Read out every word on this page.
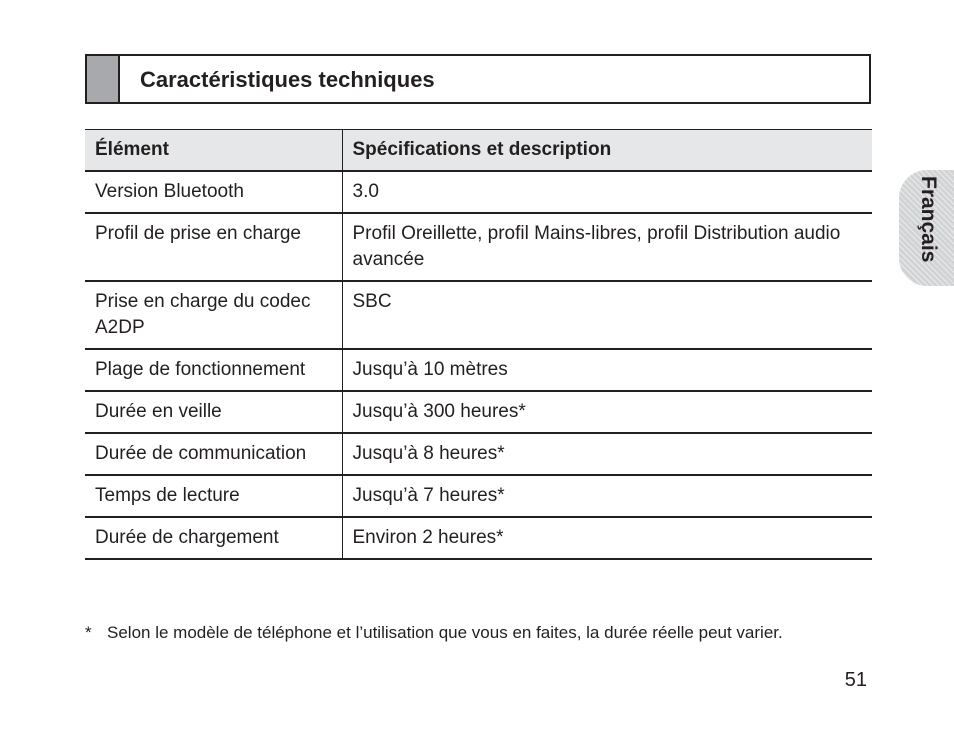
Caractéristiques techniques
Élément	Spécifications et description
Version Bluetooth	3.0
Profil de prise en charge	Profil Oreillette, profil Mains-libres, profil Distribution audio avancée
Prise en charge du codec A2DP	SBC
Plage de fonctionnement	Jusqu’à 10 mètres
Durée en veille	Jusqu’à 300 heures*
Durée de communication	Jusqu’à 8 heures*
Temps de lecture	Jusqu’à 7 heures*
Durée de chargement	Environ 2 heures*
* Selon le modèle de téléphone et l’utilisation que vous en faites, la durée réelle peut varier.
51
Français
